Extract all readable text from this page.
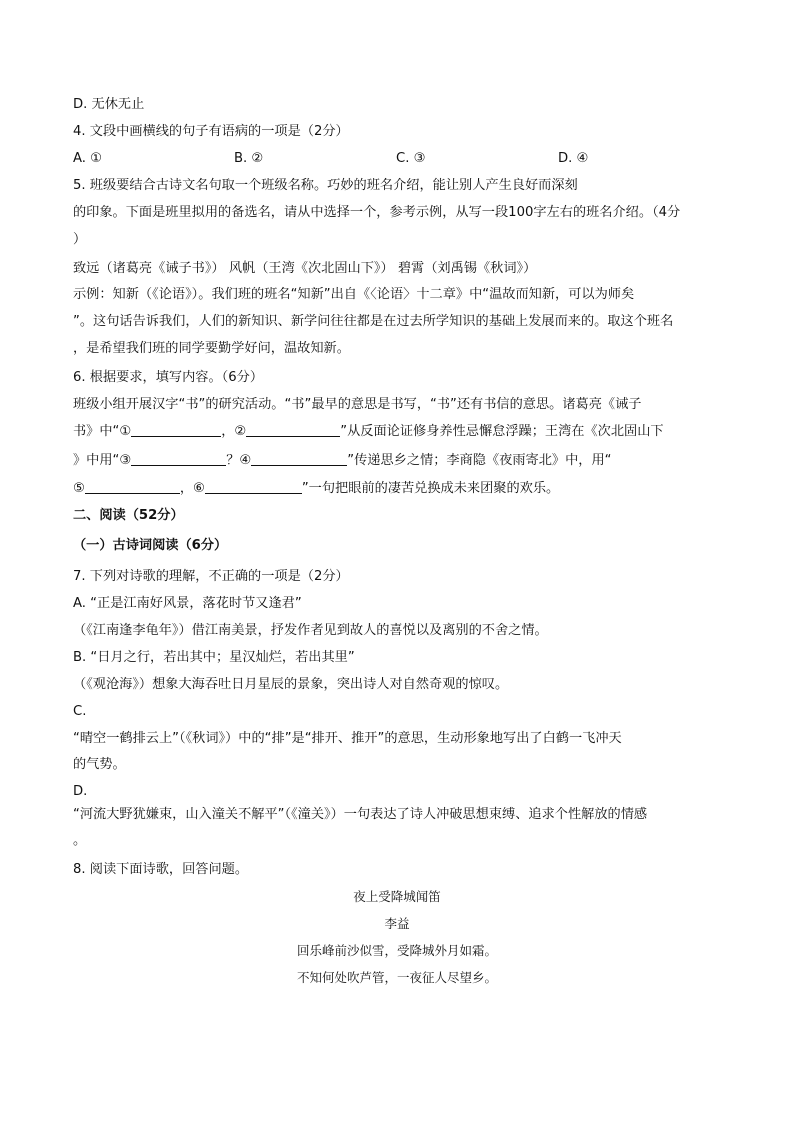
D. 无休无止
4. 文段中画横线的句子有语病的一项是（2分）
A. ①	B. ②	C. ③	D. ④
5. 班级要结合古诗文名句取一个班级名称。巧妙的班名介绍，能让别人产生良好而深刻
的印象。下面是班里拟用的备选名，请从中选择一个，参考示例，从写一段100字左右的班名介绍。（4分
）
致远（诸葛亮《诫子书》） 风帆（王湾《次北固山下》） 碧霄（刘禹锡《秋词》）
示例：知新（《论语》）。我们班的班名“知新”出自《〈论语〉十二章》中“温故而知新，可以为师矣
”。这句话告诉我们，人们的新知识、新学问往往都是在过去所学知识的基础上发展而来的。取这个班名
，是希望我们班的同学要勤学好问，温故知新。
6. 根据要求，填写内容。（6分）
班级小组开展汉字“书”的研究活动。“书”最早的意思是书写，“书”还有书信的意思。诸葛亮《诫子
书》中“①	，②	”从反面论证修身养性忌懈怠浮躁；王湾在《次北固山下
》中用“③	？④	”传递思乡之情；李商隐《夜雨寄北》中，用“
⑤	，⑥	”一句把眼前的凄苦兑换成未来团聚的欢乐。
二、阅读（52分）
（一）古诗词阅读（6分）
7. 下列对诗歌的理解，不正确的一项是（2分）
A. “正是江南好风景，落花时节又逢君”
（《江南逢李龟年》）借江南美景，抒发作者见到故人的喜悦以及离别的不舍之情。
B. “日月之行，若出其中；星汉灿烂，若出其里”
（《观沧海》）想象大海吞吐日月星辰的景象，突出诗人对自然奇观的惊叹。
C.
“晴空一鹤排云上”（《秋词》）中的“排”是“排开、推开”的意思，生动形象地写出了白鹤一飞冲天
的气势。
D.
“河流大野犹嫌束，山入潼关不解平”（《潼关》）一句表达了诗人冲破思想束缚、追求个性解放的情感
。
8. 阅读下面诗歌，回答问题。
夜上受降城闻笛
李益
回乐峰前沙似雪，受降城外月如霜。
不知何处吹芦管，一夜征人尽望乡。
